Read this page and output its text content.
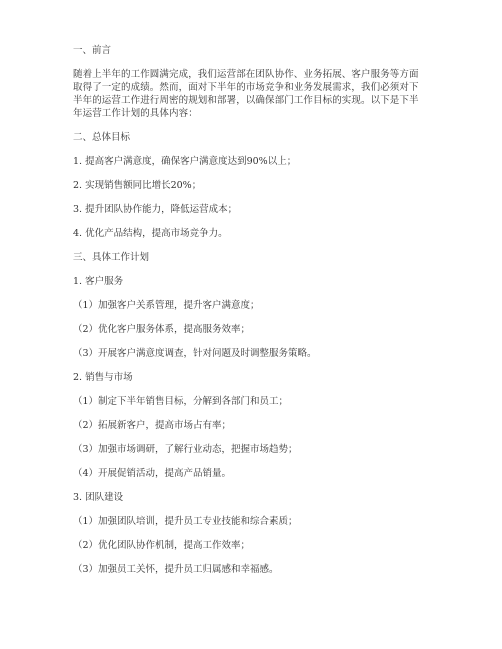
一、前言
随着上半年的工作圆满完成，我们运营部在团队协作、业务拓展、客户服务等方面
取得了一定的成绩。然而，面对下半年的市场竞争和业务发展需求，我们必须对下
半年的运营工作进行周密的规划和部署，以确保部门工作目标的实现。以下是下半
年运营工作计划的具体内容：
二、总体目标
1. 提高客户满意度，确保客户满意度达到90%以上；
2. 实现销售额同比增长20%；
3. 提升团队协作能力，降低运营成本；
4. 优化产品结构，提高市场竞争力。
三、具体工作计划
1. 客户服务
（1）加强客户关系管理，提升客户满意度；
（2）优化客户服务体系，提高服务效率；
（3）开展客户满意度调查，针对问题及时调整服务策略。
2. 销售与市场
（1）制定下半年销售目标，分解到各部门和员工；
（2）拓展新客户，提高市场占有率；
（3）加强市场调研，了解行业动态，把握市场趋势；
（4）开展促销活动，提高产品销量。
3. 团队建设
（1）加强团队培训，提升员工专业技能和综合素质；
（2）优化团队协作机制，提高工作效率；
（3）加强员工关怀，提升员工归属感和幸福感。
